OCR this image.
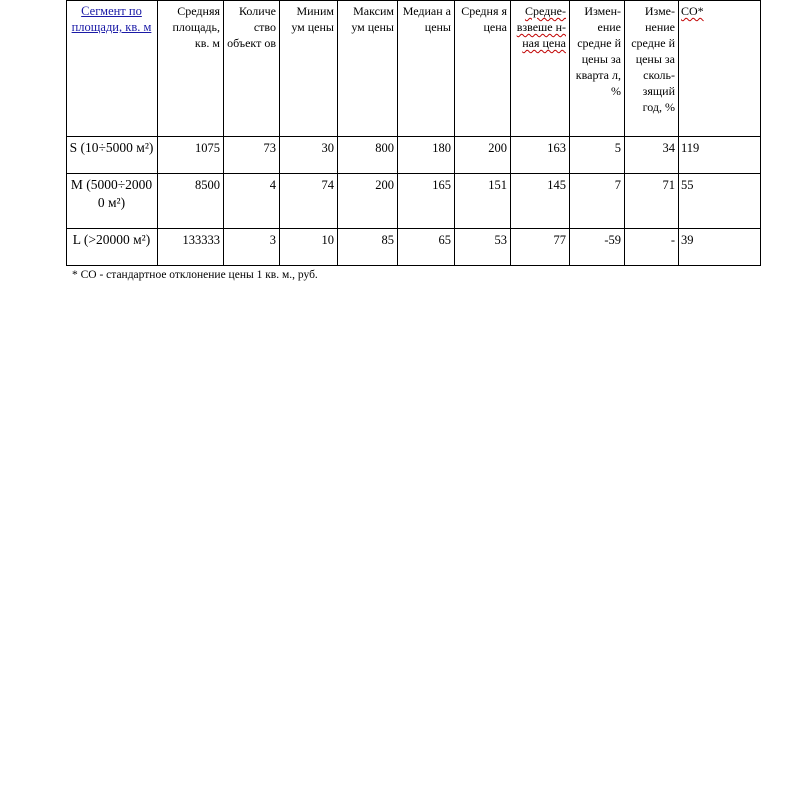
Сегмент по площади, кв. м	Средняя площадь, кв. м	Количе ство объект ов	Миним ум цены	Максим ум цены	Медиан а цены	Средня я цена	Средне-взвеше н-ная цена	Измен-ение средне й цены за кварта л, %	Изме-нение средне й цены за сколь-зящий год, %	СО*
S (10÷5000 м²)	1075	73	30	800	180	200	163	5	34	119
M (5000÷2000 0 м²)	8500	4	74	200	165	151	145	7	71	55
L (>20000 м²)	133333	3	10	85	65	53	77	-59	-	39
* СО - стандартное отклонение цены 1 кв. м., руб.
